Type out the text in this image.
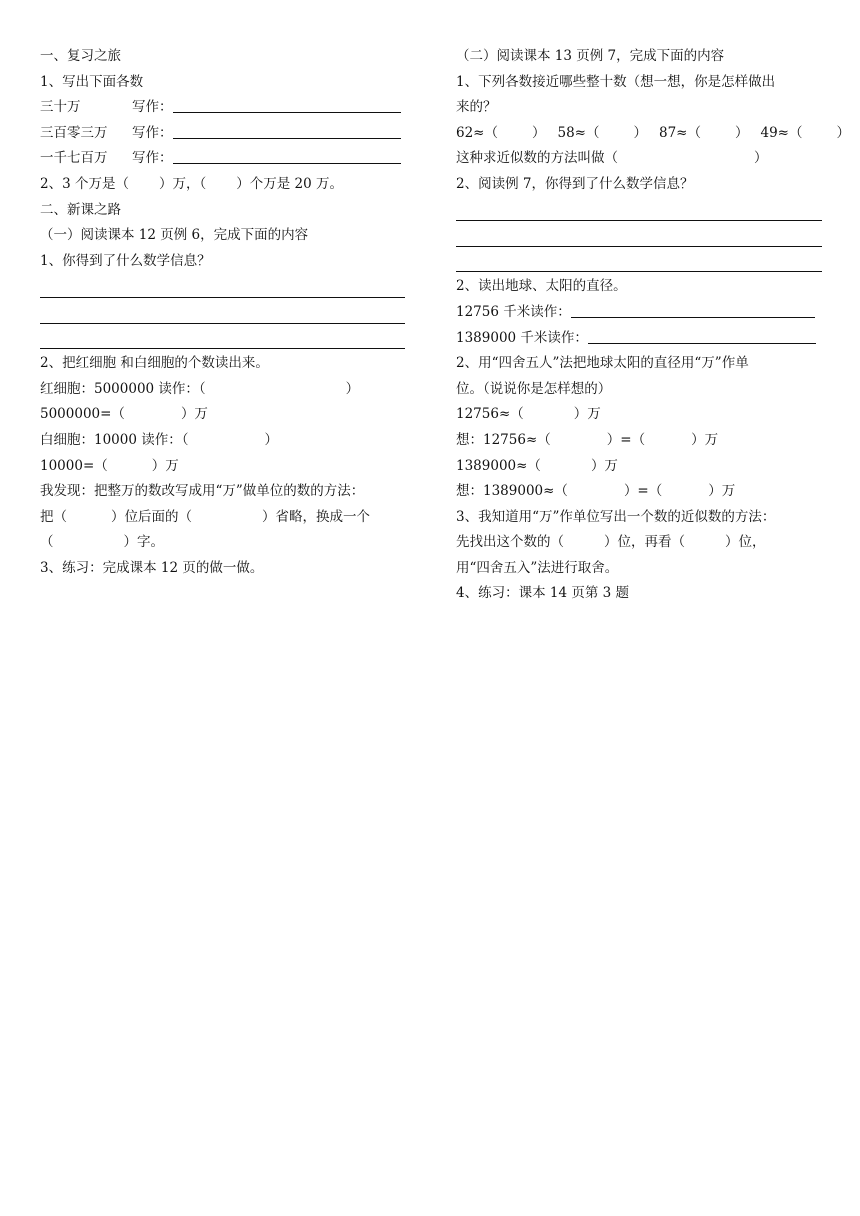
一、复习之旅
1、写出下面各数
三十万	写作：
三百零三万 写作：
一千七百万 写作：
2、3 个万是（ ）万，（ ）个万是 20 万。
二、新课之路
（一）阅读课本 12 页例 6，完成下面的内容
1、你得到了什么数学信息？
2、把红细胞 和白细胞的个数读出来。
红细胞：5000000 读作：（	）
5000000=（	）万
白细胞：10000 读作：（	）
10000=（	）万
我发现：把整万的数改写成用“万”做单位的数的方法：
把（	）位后面的（	）省略，换成一个
（	）字。
3、练习：完成课本 12 页的做一做。
（二）阅读课本 13 页例 7，完成下面的内容
1、下列各数接近哪些整十数（想一想，你是怎样做出
来的？
62≈（	） 58≈（	） 87≈（	） 49≈（	）
这种求近似数的方法叫做（	）
2、阅读例 7，你得到了什么数学信息？
2、读出地球、太阳的直径。
12756 千米读作：
1389000 千米读作：
2、用“四舍五人”法把地球太阳的直径用“万”作单
位。（说说你是怎样想的）
12756≈（	）万
想：12756≈（	）=（	）万
1389000≈（	）万
想：1389000≈（	）=（	）万
3、我知道用“万”作单位写出一个数的近似数的方法：
先找出这个数的（	）位，再看（	）位，
用“四舍五入”法进行取舍。
4、练习：课本 14 页第 3 题
